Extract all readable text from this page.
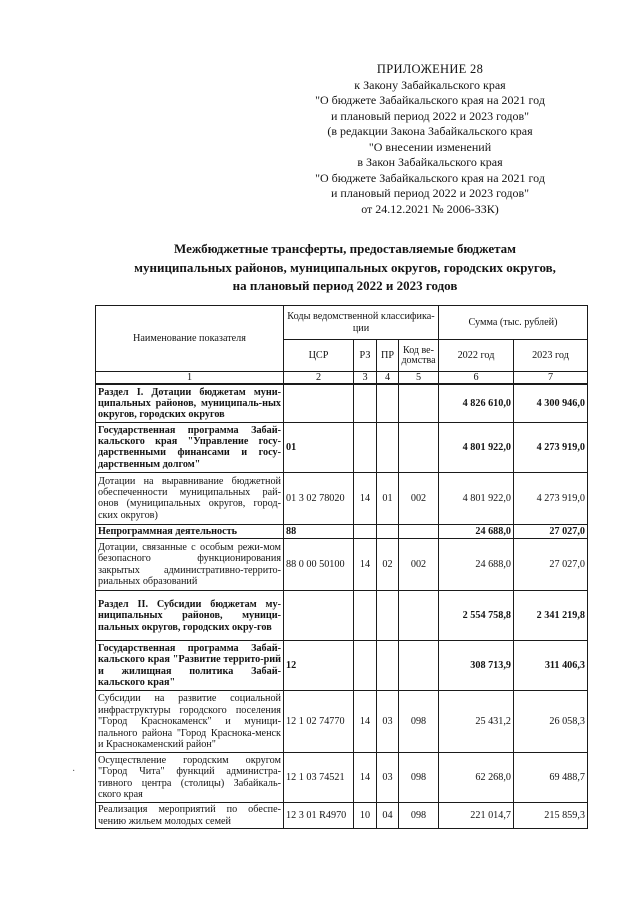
ПРИЛОЖЕНИЕ 28
к Закону Забайкальского края
"О бюджете Забайкальского края на 2021 год
и плановый период 2022 и 2023 годов"
(в редакции Закона Забайкальского края
"О внесении изменений
в Закон Забайкальского края
"О бюджете Забайкальского края на 2021 год
и плановый период 2022 и 2023 годов"
от 24.12.2021 № 2006-ЗЗК)
Межбюджетные трансферты, предоставляемые бюджетам
муниципальных районов, муниципальных округов, городских округов,
на плановый период 2022 и 2023 годов
·
Наименование показателя	Коды ведомственной классифика-ции				Сумма (тыс. рублей)	
	ЦСР	РЗ	ПР	Код ве-домства	2022 год	2023 год
1	2	3	4	5	6	7
Раздел I. Дотации бюджетам муни-ципальных районов, муниципаль-ных округов, городских округов					4 826 610,0	4 300 946,0
Государственная программа Забай-кальского края "Управление госу-дарственными финансами и госу-дарственным долгом"	01				4 801 922,0	4 273 919,0
Дотации на выравнивание бюджетной обеспеченности муниципальных рай-онов (муниципальных округов, город-ских округов)	01 3 02 78020	14	01	002	4 801 922,0	4 273 919,0
Непрограммная деятельность	88				24 688,0	27 027,0
Дотации, связанные с особым режи-мом безопасного функционирования закрытых административно-террито-риальных образований	88 0 00 50100	14	02	002	24 688,0	27 027,0
Раздел II. Субсидии бюджетам му-ниципальных районов, муници-пальных округов, городских окру-гов					2 554 758,8	2 341 219,8
Государственная программа Забай-кальского края "Развитие террито-рий и жилищная политика Забай-кальского края"	12				308 713,9	311 406,3
Субсидии на развитие социальной инфраструктуры городского поселения "Город Краснокаменск" и муници-пального района "Город Краснока-менск и Краснокаменский район"	12 1 02 74770	14	03	098	25 431,2	26 058,3
Осуществление городским округом "Город Чита" функций администра-тивного центра (столицы) Забайкаль-ского края	12 1 03 74521	14	03	098	62 268,0	69 488,7
Реализация мероприятий по обеспе-чению жильем молодых семей	12 3 01 R4970	10	04	098	221 014,7	215 859,3
